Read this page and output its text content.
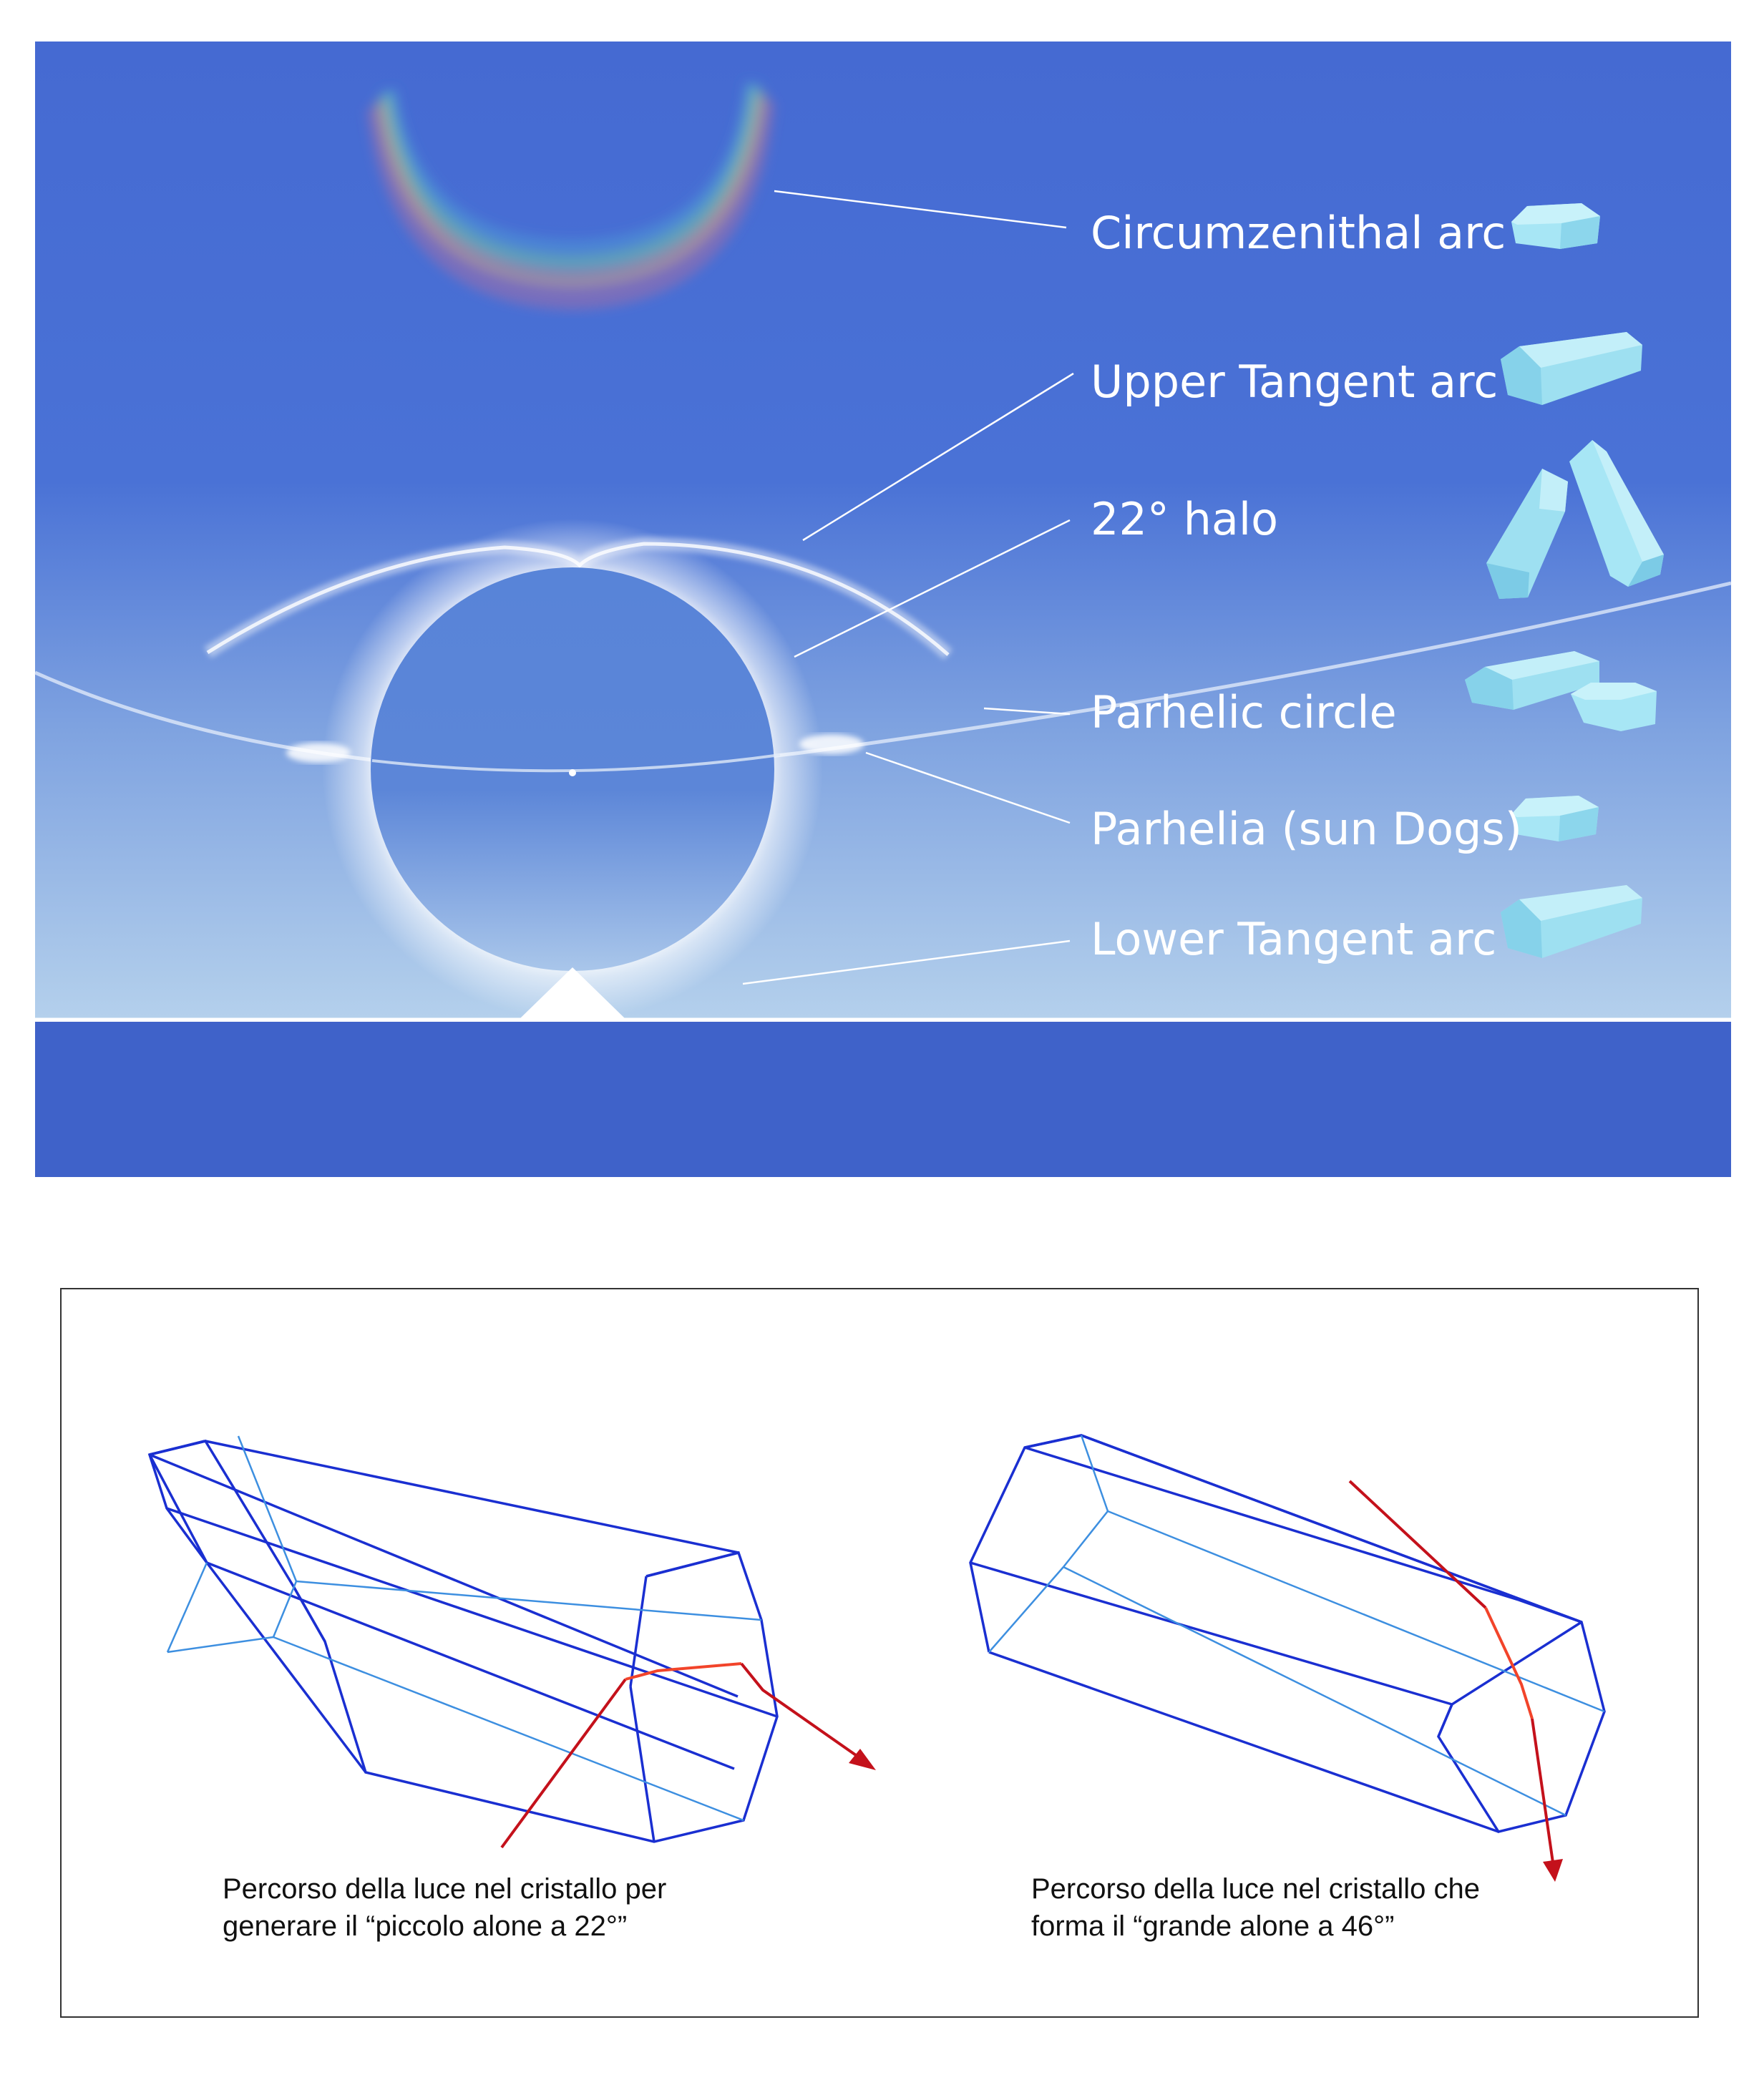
Circumzenithal arc
Upper Tangent arc
22° halo
Parhelic circle
Parhelia (sun Dogs)
Lower Tangent arc
Percorso della luce nel cristallo per
generare il “piccolo alone a 22°”
Percorso della luce nel cristallo che
forma il “grande alone a 46°”
